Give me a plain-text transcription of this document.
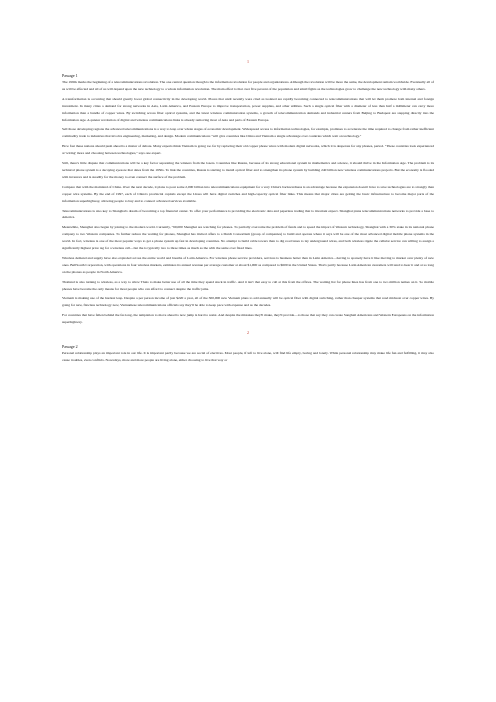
1
Passage 1

The 1990s marks the beginning of a telecommunications revolution. The one central question though is the information revolution for people and organizations. Although the revolution will be more the same, the development remain worldwide. Eventually all of us will be affected and all of us will depend upon the new technology to a whole information revolution. The main effect is that over five percent of the population and small fights as the technologies grow to challenge the new technology with many others.

A transformation is occurring that should greatly boost global connectivity in the developing world. Places that until recently were cited as isolated are rapidly becoming connected to telecommunications that will let them promote both internal and foreign investment. In many cities a demand for strong networks in Asia, Latin America, and Eastern Europe to improve transportation, power supplies, and other utilities. Such a single optical fiber with a diameter of less than half a millimeter can carry more information than a bundle of copper wires. By switching across fiber optical systems, and the latest wireless communication systems, a growth of telecommunication demands and industrial centers from Beijing to Budapest are stepping directly into the Information Age. A quieter revolution of digital and wireless communications links is already removing most of Asia and parts of Eastern Europe.

Sell those developing regions the advanced telecommunications is a way to leap over whole stages of economic development. Widespread access to information technologies, for example, promises to accelerate the time required to change from rather inefficient commodity trade to industries that involve engineering, marketing, and design. Modern communications "will give countries like China and Vietnam a single advantage over countries which wait on technology."

How fast these nations should push ahead is a matter of debate. Many experts think Vietnam is going too far by replacing their old copper phone wires with modern digital networks, which it is desperate for any phones, period. "These countries look experienced at 'wiring' more and choosing between technologies," says one expert.

Still, there's little dispute that communications will be a key factor separating the winners from the losers. Countries like Russia, because of its strong educational system in mathematics and science, it should thrive in the Information Age. The problem is its technical phone system is a decaying eyesore that dates from the 1950s. To link the countries, Russia is starting to install optical fiber and to strengthen its phone system by building 240 billion new wireless communications projects. But the economy is flooded with investors and is steadily for the money to even connect the surface of the problem.

Compare that with the mainland of China. Over the next decade, it plans to pour some 2,000 billion into telecommunications equipment for a very China's backwardness is an advantage because the expansion doesn't have to save technologies are to strongly than copper wire systems. By the end of 1997, each of China's provincial capitals except the Lhasa will have digital switches and high-capacity optical fiber links. This means that major cities are getting the basic infrastructure to become major parts of the information superhighway, allowing people to buy and to connect advanced services available.

Telecommunications is also key to Shanghai's dream of becoming a top financial center. To offer your performance is providing the electronic data and paperless trading that is invariant expect. Shanghai plans telecommunications networks to provide a base to America.

Meanwhile, Shanghai also began by joining to the modern world. Currently, "90,000 Shanghai are watching for phones. To partially overcome the problem of funds and to speed the import of Western technology, Shanghai with a 30% stake in its national phone company to two Western companies. To further reduce the waiting for phones, Shanghai has invited offers to a Dutch Consortium (group of companies) to build and operate where it says will be one of the most advanced digital mobile phone systems in the world. In fact, wireless is one of the most popular ways to get a phone system up fast in developing countries. No attempt to build cable towers than to dig road lanes to lay underground wires, and both wireless ripple the cellular service can willing to assign a significantly highest price tag for a wireless call—but the is typically two to three times as much as the with the same over fixed lines.

Wireless demand and supply have also exploded across the entire world and breaths of Latin America. For wireless phone service providers, services is business better than in Latin America—having to sparsely have it like moving to market over plenty of new ones. BellSouth Corporation, with operations in four wireless markets, estimates its annual revenue per average customer at about $1,000 as compared to $600 in the United States. That's partly because Latin American customers will tend to hear it and at so long on the phones as people in North America.

Thailand is also turning to wireless, as a way to allow Thais to make better use of all the time they spend stuck in traffic. And it isn't that easy to call at this from the offices. The waiting list for phone lines has from one to two million names on it. So mobile phones have become the only means for most people who can afford to connect despite the traffic jams.

Vietnam is making use of the hardest leap. Despite a per person income of just $220 a year, all of the 300,000 new Vietnam plans to add annually will be optical fiber with digital switching, rather than cheaper systems that read midwest over copper wires. By going for new, flawless technology now, Vietnamese telecommunications officials say they'll be able to keep pace with expense and as the decades.

For countries that have fallen behind the far-long, the temptation to move ahead is now jump is hard to resist. And despite the mistakes they'll make, they'll provide—to those that say they can create Sanghail Americans and Western Europeans on the information superhighway.

2
Passage 2

Personal relationship plays an important role in our life. It is important partly because we are social of electives. Most people, if left to live alone, will find life empty, boring and lonely. While personal relationship may make life fun and fulfilling, it may also cause troubles, even conflicts. Nowadays, more and more people are living alone, either choosing to live that way or
